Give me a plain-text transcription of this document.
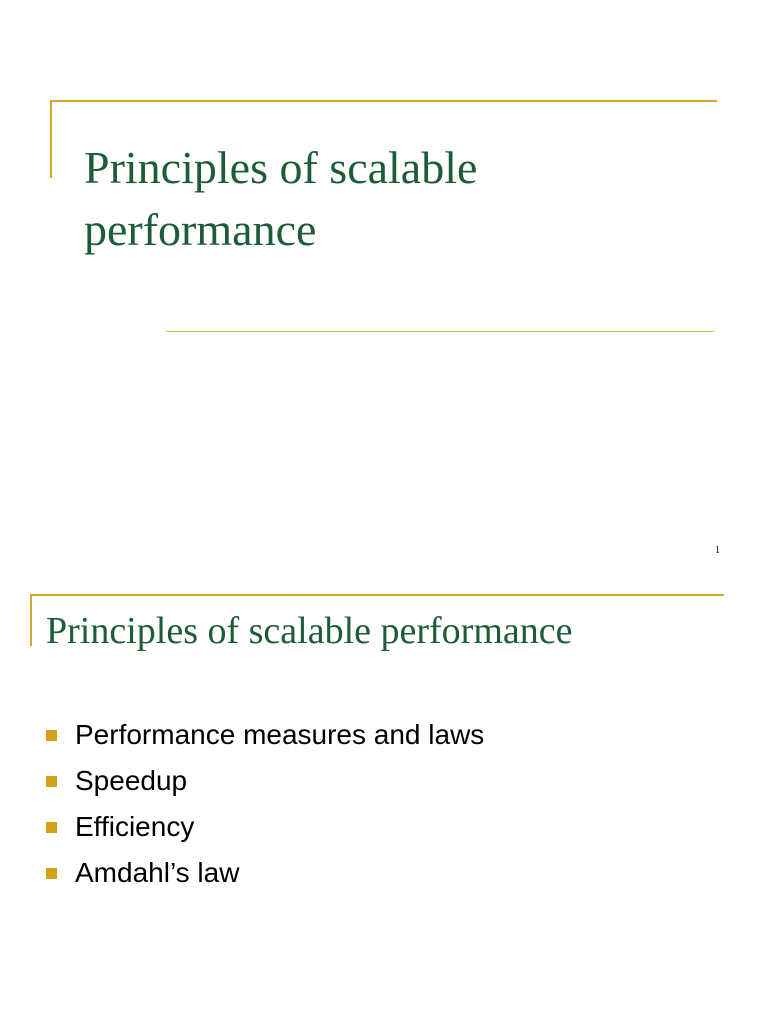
Principles of scalable
performance
1
Principles of scalable performance
Performance measures and laws
Speedup
Efficiency
Amdahl’s law
